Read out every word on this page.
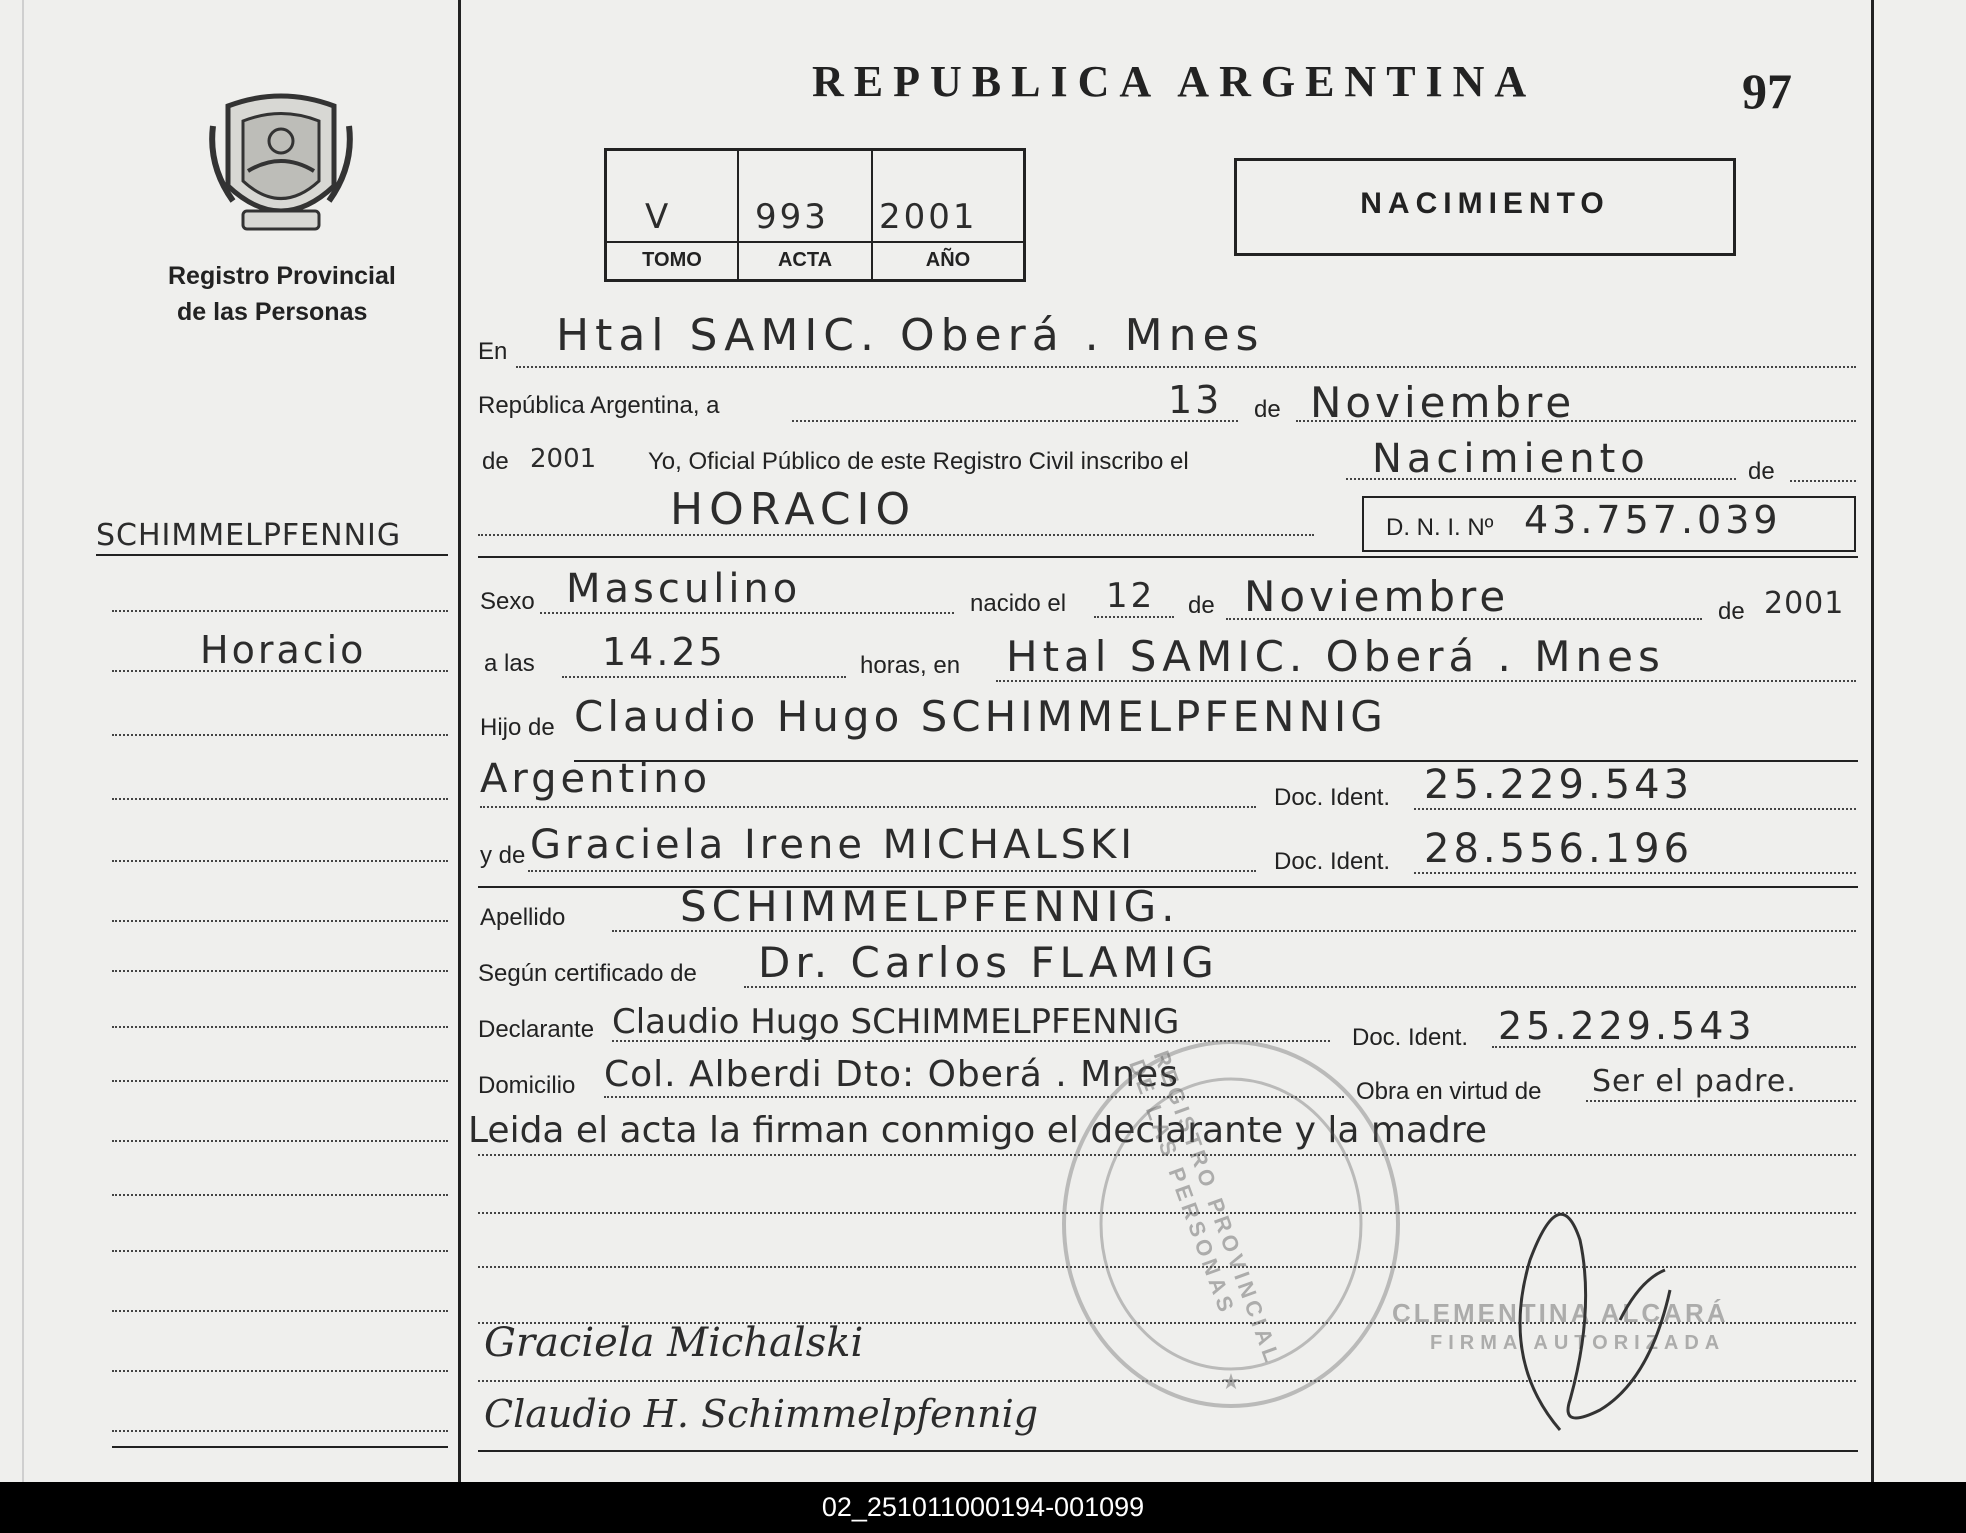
Registro Provincial
de las Personas
REPUBLICA ARGENTINA	97
V 993 2001
TOMO	ACTA	AÑO
NACIMIENTO
SCHIMMELPFENNIG
Horacio
En Htal SAMIC. Oberá . Mnes
República Argentina, a	13 de Noviembre
de 2001 Yo, Oficial Público de este Registro Civil inscribo el	Nacimiento	de
HORACIO	D. N. I. Nº 43.757.039
Sexo Masculino	nacido el 12 de Noviembre	de 2001
a las 14.25	horas, en Htal SAMIC. Oberá . Mnes
Hijo de Claudio Hugo SCHIMMELPFENNIG
Argentino	Doc. Ident. 25.229.543
y de Graciela Irene MICHALSKI	Doc. Ident. 28.556.196
Apellido	SCHIMMELPFENNIG.
Según certificado de Dr. Carlos FLAMIG
Declarante Claudio Hugo SCHIMMELPFENNIG	Doc. Ident. 25.229.543
Domicilio Col. Alberdi Dto: Oberá . Mnes	Obra en virtud de Ser el padre.
Leida el acta la firman conmigo el declarante y la madre
★
REGISTRO PROVINCIAL DE LAS PERSONAS	CLEMENTINA ALCARÁ
FIRMA AUTORIZADA
Graciela Michalski
Claudio H. Schimmelpfennig
02_251011000194-001099
